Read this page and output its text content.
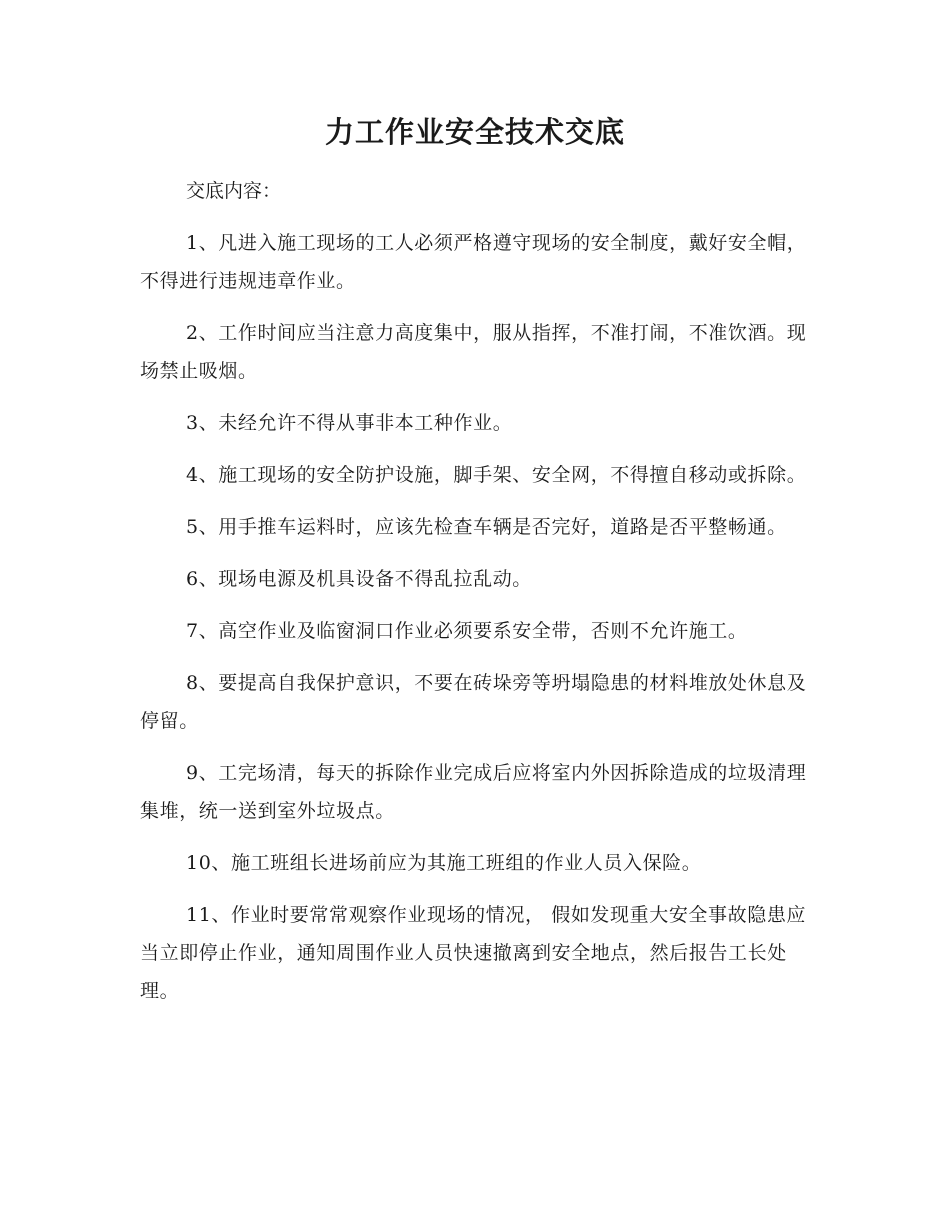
力工作业安全技术交底

交底内容：

1、凡进入施工现场的工人必须严格遵守现场的安全制度，戴好安全帽，不得进行违规违章作业。

2、工作时间应当注意力高度集中，服从指挥，不准打闹，不准饮酒。现场禁止吸烟。

3、未经允许不得从事非本工种作业。

4、施工现场的安全防护设施，脚手架、安全网，不得擅自移动或拆除。

5、用手推车运料时，应该先检查车辆是否完好，道路是否平整畅通。

6、现场电源及机具设备不得乱拉乱动。

7、高空作业及临窗洞口作业必须要系安全带，否则不允许施工。

8、要提高自我保护意识，不要在砖垛旁等坍塌隐患的材料堆放处休息及停留。

9、工完场清，每天的拆除作业完成后应将室内外因拆除造成的垃圾清理集堆，统一送到室外垃圾点。

10、施工班组长进场前应为其施工班组的作业人员入保险。

11、作业时要常常观察作业现场的情况， 假如发现重大安全事故隐患应当立即停止作业，通知周围作业人员快速撤离到安全地点，然后报告工长处理。
